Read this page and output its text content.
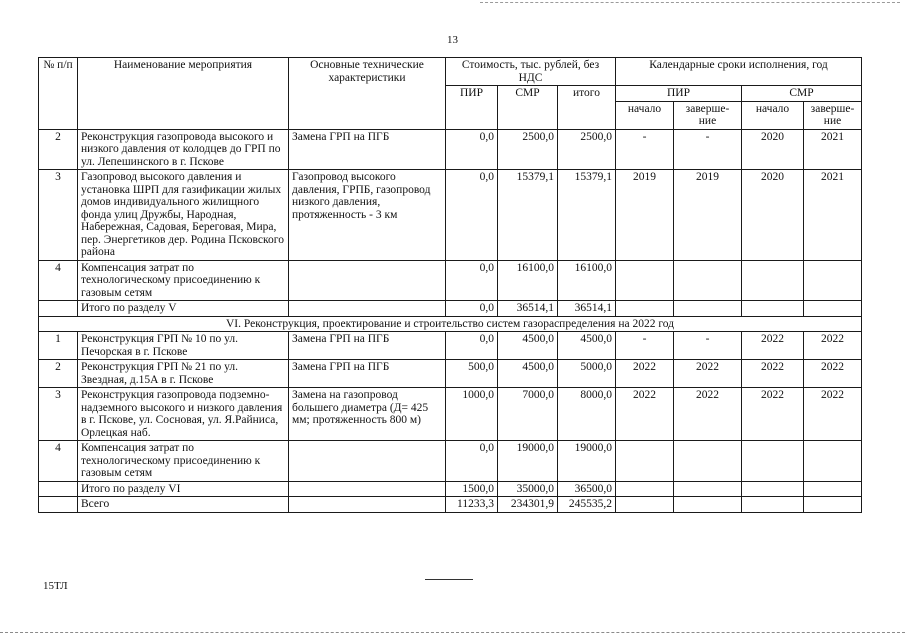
13
№ п/п	Наименование мероприятия	Основные технические характеристики	Стоимость, тыс. рублей, без НДС			Календарные сроки исполнения, год			
			ПИР	СМР	итого	ПИР		СМР	
						начало	заверше-ние	начало	заверше-ние
2	Реконструкция газопровода высокого и низкого давления от колодцев до ГРП по ул. Лепешинского в г. Пскове	Замена ГРП на ПГБ	0,0	2500,0	2500,0	-	-	2020	2021
3	Газопровод высокого давления и установка ШРП для газификации жилых домов индивидуального жилищного фонда улиц Дружбы, Народная, Набережная, Садовая, Береговая, Мира, пер. Энергетиков дер. Родина Псковского района	Газопровод высокого давления, ГРПБ, газопровод низкого давления, протяженность - 3 км	0,0	15379,1	15379,1	2019	2019	2020	2021
4	Компенсация затрат по технологическому присоединению к газовым сетям		0,0	16100,0	16100,0				
	Итого по разделу V		0,0	36514,1	36514,1				
VI. Реконструкция, проектирование и строительство систем газораспределения на 2022 год									
1	Реконструкция ГРП № 10 по ул. Печорская в г. Пскове	Замена ГРП на ПГБ	0,0	4500,0	4500,0	-	-	2022	2022
2	Реконструкция ГРП № 21 по ул. Звездная, д.15А в г. Пскове	Замена ГРП на ПГБ	500,0	4500,0	5000,0	2022	2022	2022	2022
3	Реконструкция газопровода подземно-надземного высокого и низкого давления в г. Пскове, ул. Сосновая, ул. Я.Райниса, Орлецкая наб.	Замена на газопровод большего диаметра (Д= 425 мм; протяженность 800 м)	1000,0	7000,0	8000,0	2022	2022	2022	2022
4	Компенсация затрат по технологическому присоединению к газовым сетям		0,0	19000,0	19000,0				
	Итого по разделу VI		1500,0	35000,0	36500,0				
	Всего		11233,3	234301,9	245535,2				
15ТЛ
